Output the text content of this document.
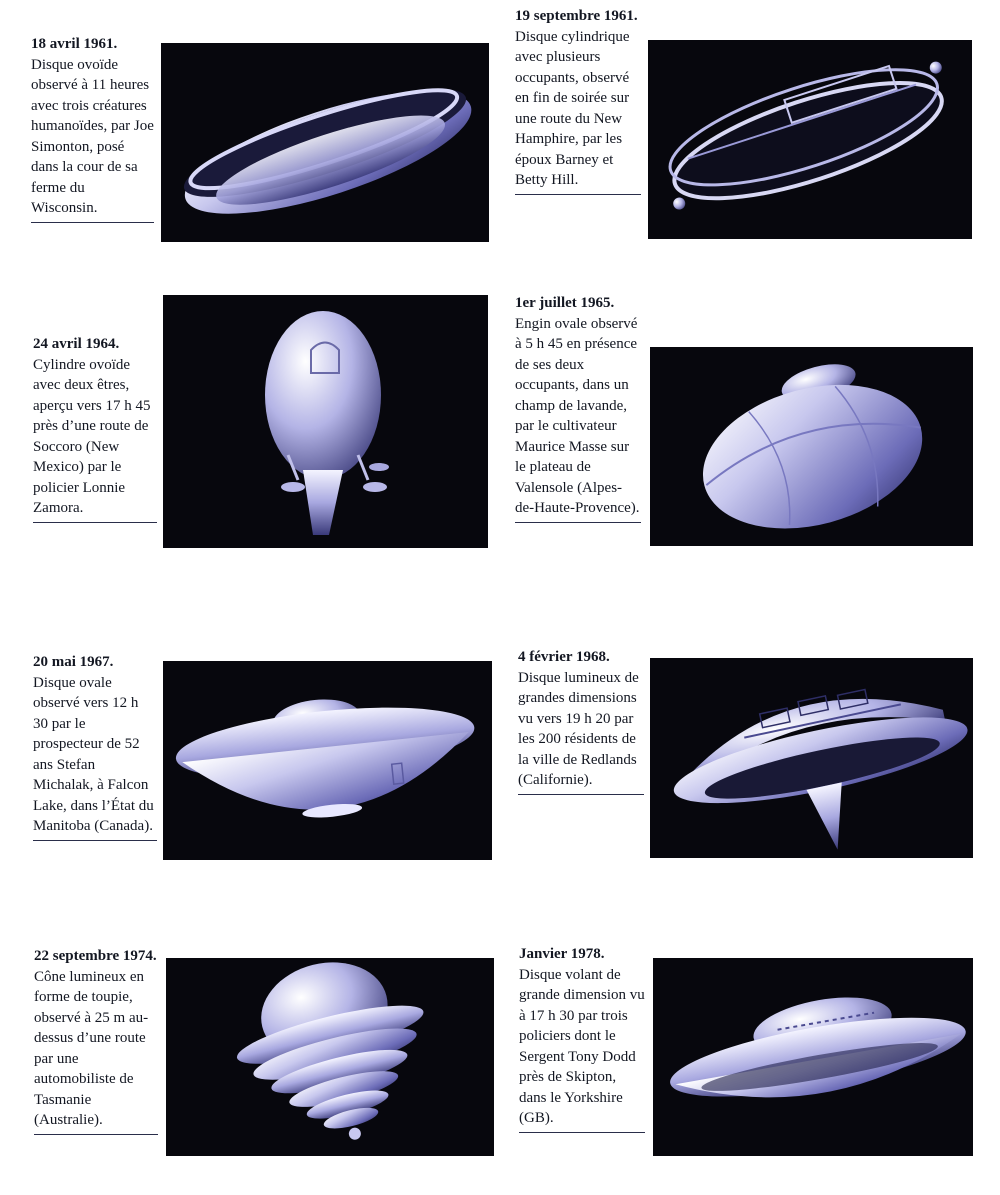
18 avril 1961. Disque ovoïde observé à 11 heures avec trois créatures humanoïdes, par Joe Simonton, posé dans la cour de sa ferme du Wisconsin.
19 septembre 1961. Disque cylindrique avec plusieurs occupants, observé en fin de soirée sur une route du New Hamphire, par les époux Barney et Betty Hill.
24 avril 1964. Cylindre ovoïde avec deux êtres, aperçu vers 17 h 45 près d’une route de Soccoro (New Mexico) par le policier Lonnie Zamora.
1er juillet 1965. Engin ovale observé à 5 h 45 en présence de ses deux occupants, dans un champ de lavande, par le cultivateur Maurice Masse sur le plateau de Valensole (Alpes-de-Haute-Provence).
20 mai 1967. Disque ovale observé vers 12 h 30 par le prospecteur de 52 ans Stefan Michalak, à Falcon Lake, dans l’État du Manitoba (Canada).
4 février 1968. Disque lumineux de grandes dimensions vu vers 19 h 20 par les 200 résidents de la ville de Redlands (Californie).
22 septembre 1974. Cône lumineux en forme de toupie, observé à 25 m au-dessus d’une route par une automobiliste de Tasmanie (Australie).
Janvier 1978. Disque volant de grande dimension vu à 17 h 30 par trois policiers dont le Sergent Tony Dodd près de Skipton, dans le Yorkshire (GB).
